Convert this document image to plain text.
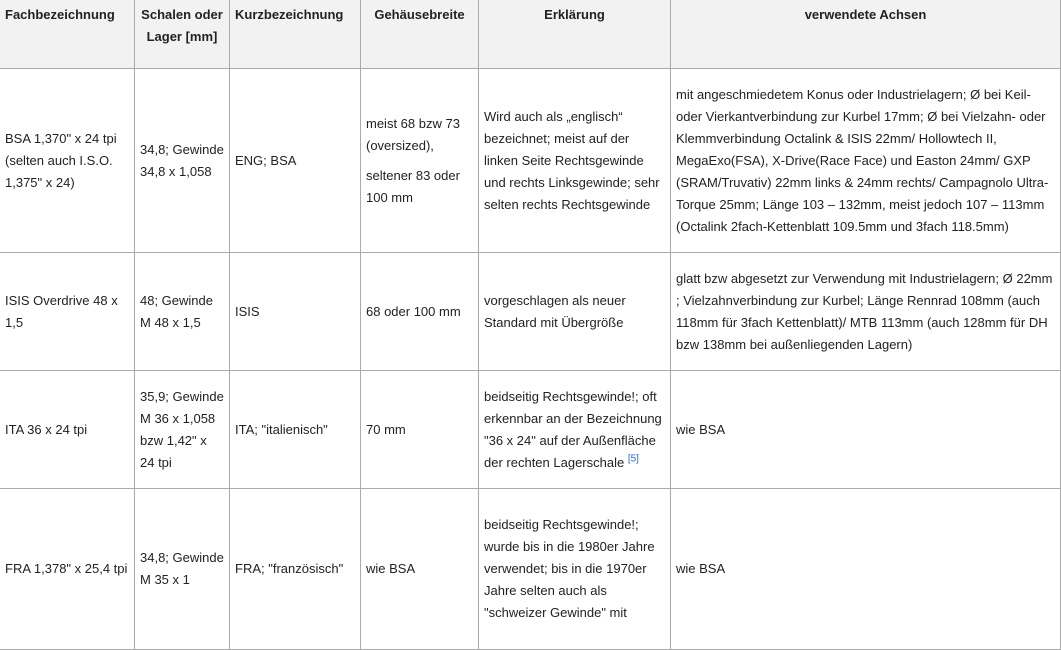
Fachbezeichnung	Schalen oder Lager [mm]	Kurzbezeichnung	Gehäusebreite	Erklärung	verwendete Achsen
BSA 1,370" x 24 tpi (selten auch I.S.O. 1,375" x 24)	34,8; Gewinde 34,8 x 1,058	ENG; BSA	meist 68 bzw 73 (oversized),
seltener 83 oder 100 mm	Wird auch als „englisch“ bezeichnet; meist auf der linken Seite Rechtsgewinde und rechts Linksgewinde; sehr selten rechts Rechtsgewinde	mit angeschmiedetem Konus oder Industrielagern; Ø bei Keil- oder Vierkantverbindung zur Kurbel 17mm; Ø bei Vielzahn- oder Klemmverbindung Octalink & ISIS 22mm/ Hollowtech II, MegaExo(FSA), X-Drive(Race Face) und Easton 24mm/ GXP (SRAM/Truvativ) 22mm links & 24mm rechts/ Campagnolo Ultra-Torque 25mm; Länge 103 – 132mm, meist jedoch 107 – 113mm (Octalink 2fach-Kettenblatt 109.5mm und 3fach 118.5mm)
ISIS Overdrive 48 x 1,5	48; Gewinde M 48 x 1,5	ISIS	68 oder 100 mm	vorgeschlagen als neuer Standard mit Übergröße	glatt bzw abgesetzt zur Verwendung mit Industrielagern; Ø 22mm ; Vielzahnverbindung zur Kurbel; Länge Rennrad 108mm (auch 118mm für 3fach Kettenblatt)/ MTB 113mm (auch 128mm für DH bzw 138mm bei außenliegenden Lagern)
ITA 36 x 24 tpi	35,9; Gewinde M 36 x 1,058 bzw 1,42" x 24 tpi	ITA; "italienisch"	70 mm	beidseitig Rechtsgewinde!; oft erkennbar an der Bezeichnung "36 x 24" auf der Außenfläche der rechten Lagerschale [5]	wie BSA
FRA 1,378" x 25,4 tpi	34,8; Gewinde M 35 x 1	FRA; "französisch"	wie BSA	beidseitig Rechtsgewinde!; wurde bis in die 1980er Jahre verwendet; bis in die 1970er Jahre selten auch als "schweizer Gewinde" mit	wie BSA
